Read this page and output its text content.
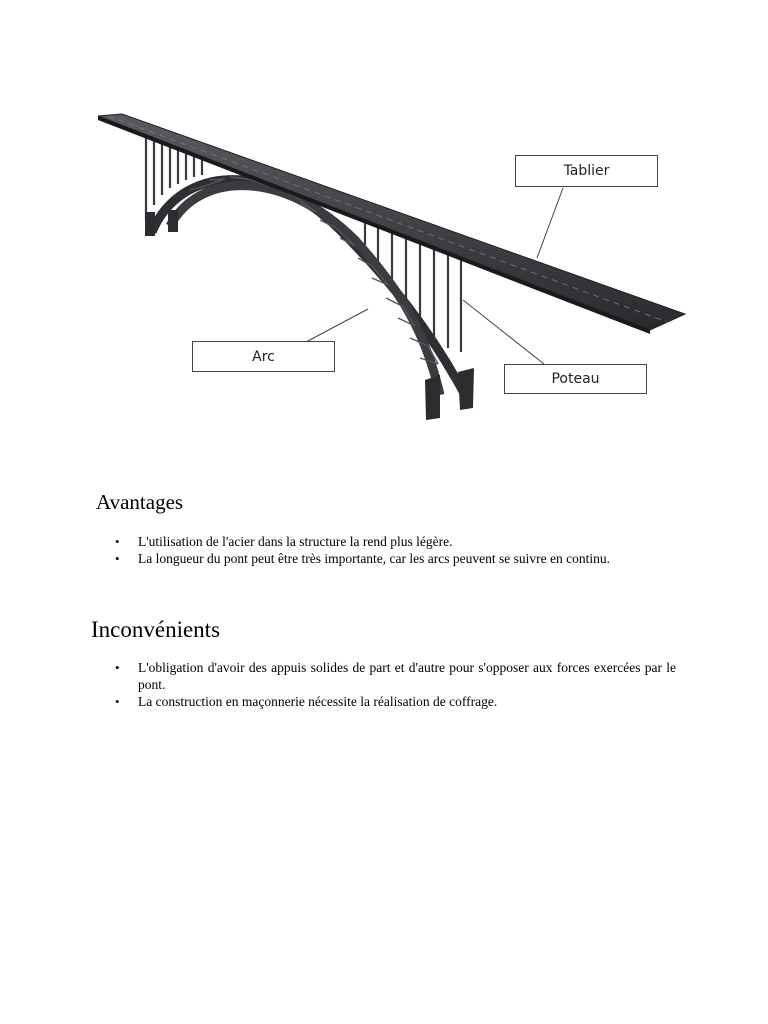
Tablier
Arc
Poteau
Avantages
• L'utilisation de l'acier dans la structure la rend plus légère.
• La longueur du pont peut être très importante, car les arcs peuvent se suivre en continu.
Inconvénients
• L'obligation d'avoir des appuis solides de part et d'autre pour s'opposer aux forces exercées par le pont.
• La construction en maçonnerie nécessite la réalisation de coffrage.
